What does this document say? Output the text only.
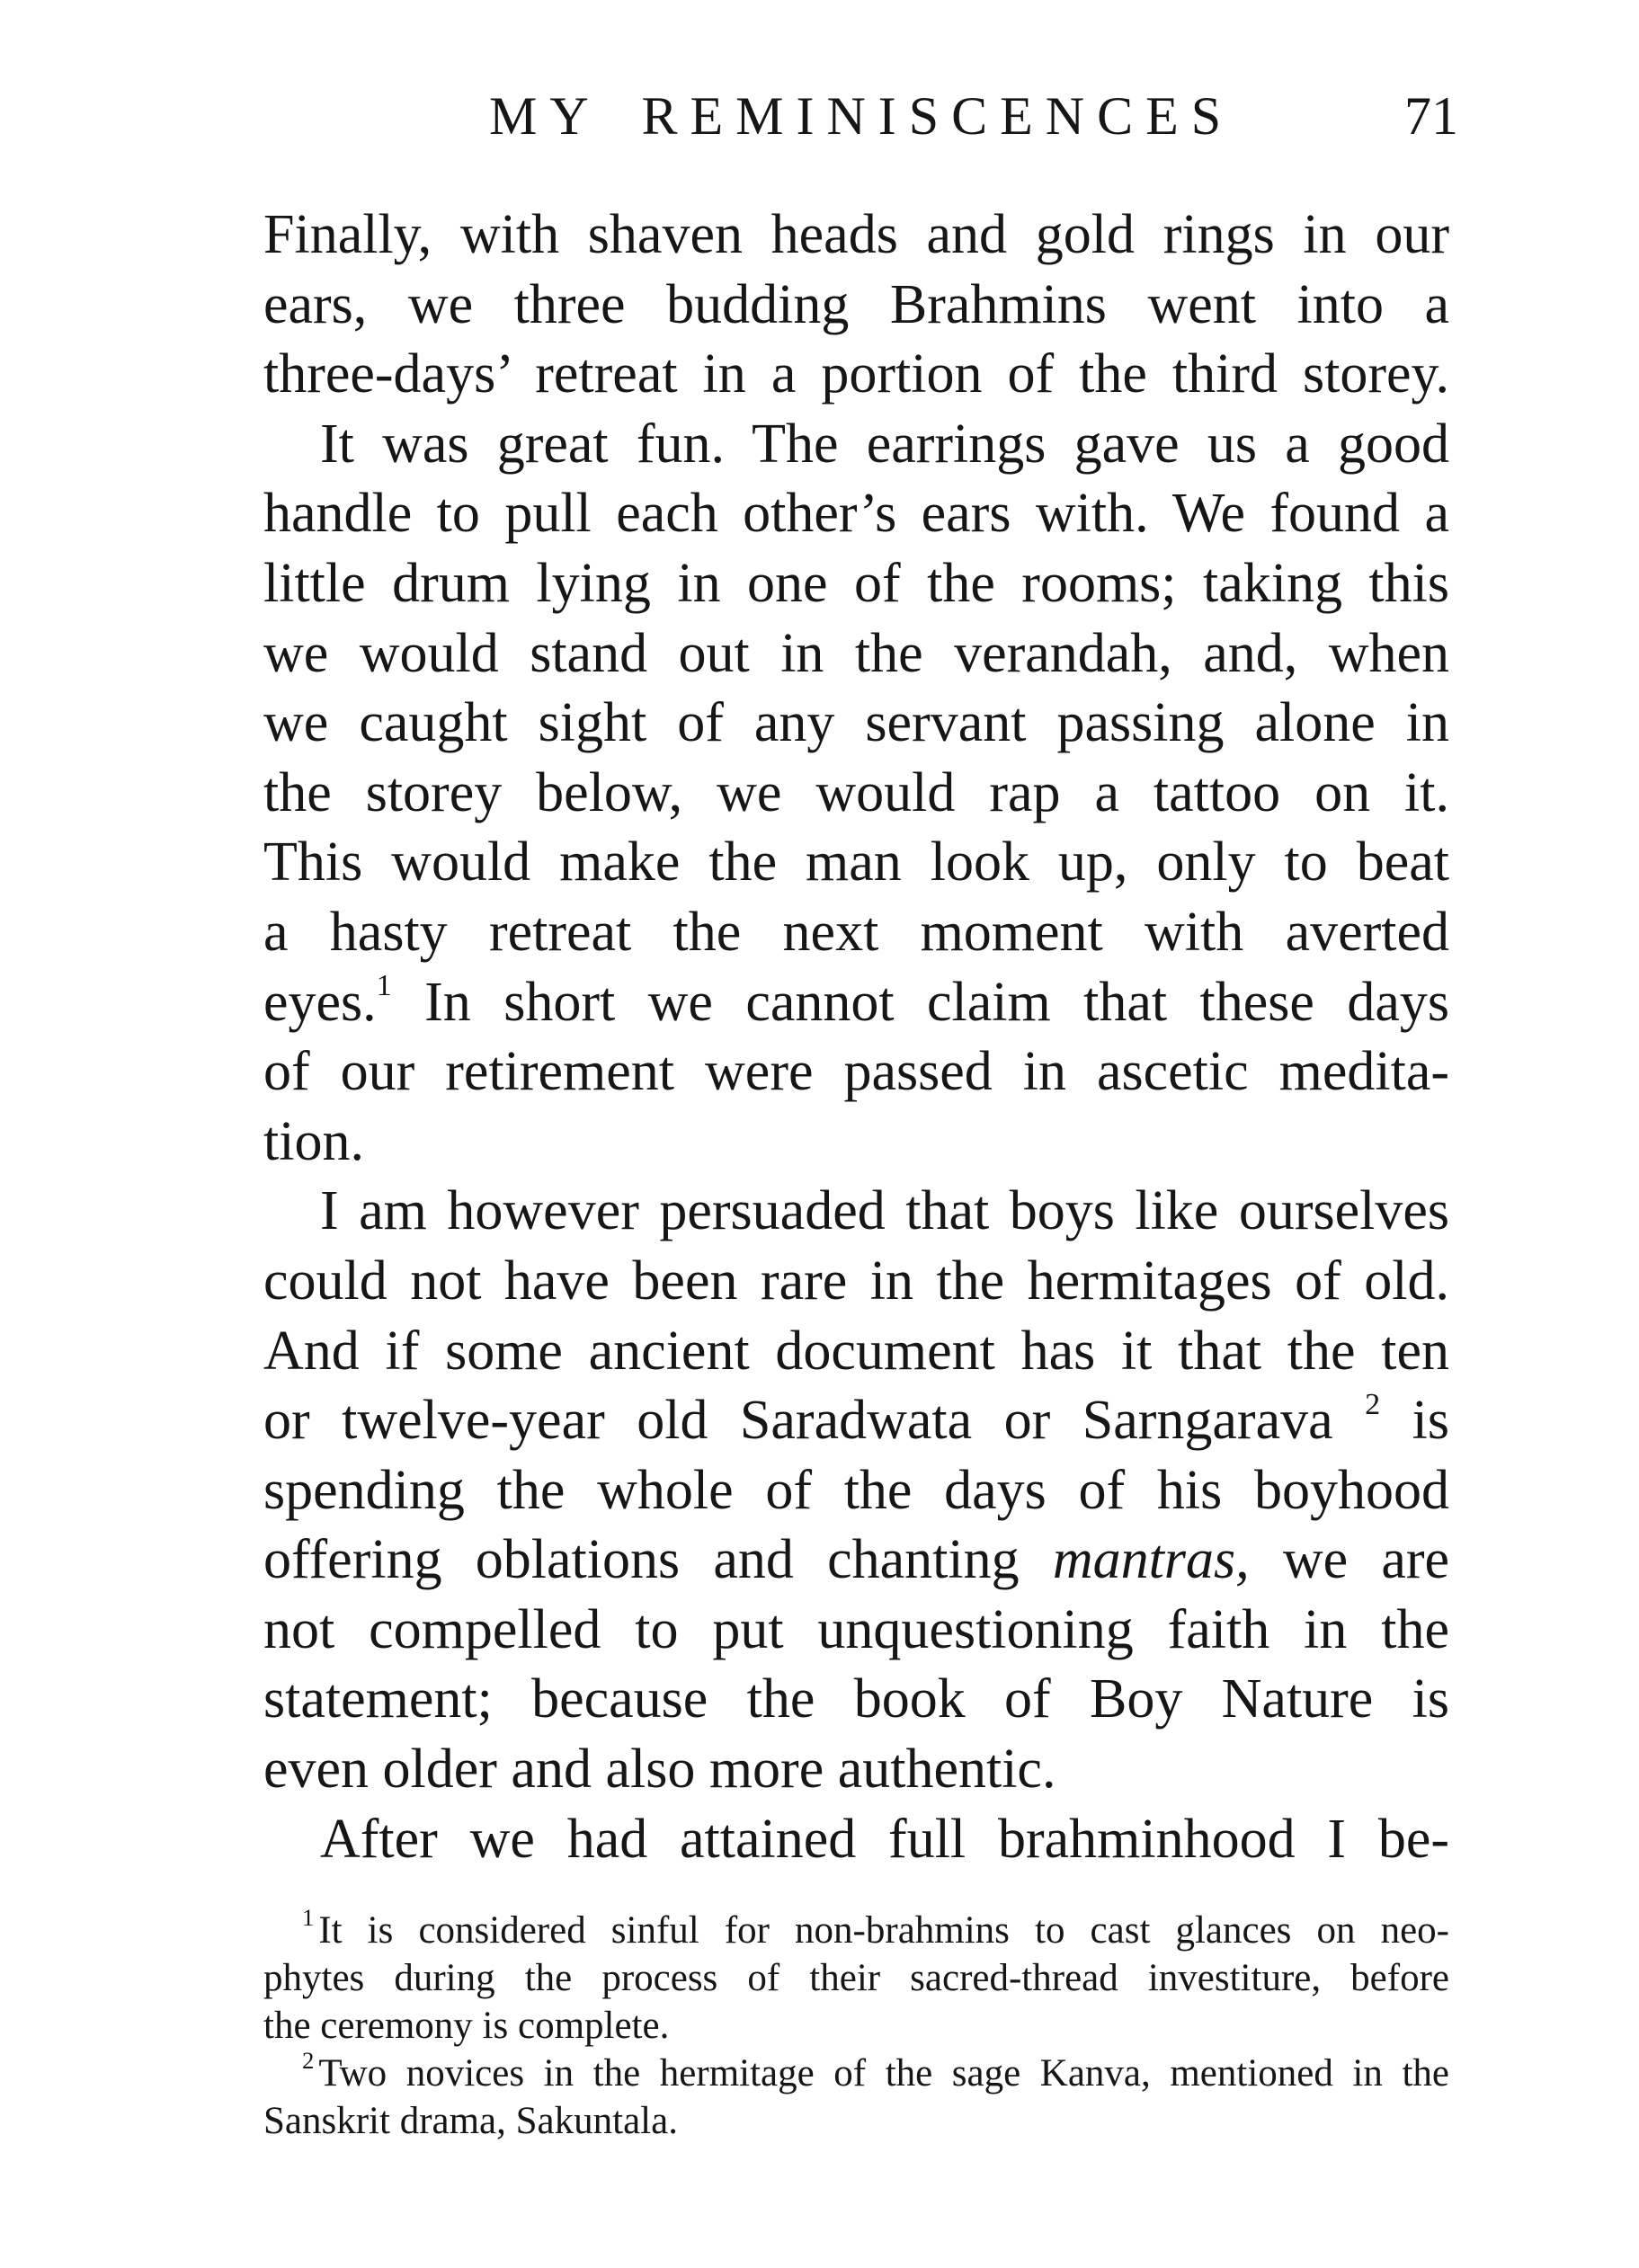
MY REMINISCENCES	71
Finally, with shaven heads and gold rings in our
ears, we three budding Brahmins went into a
three-days’ retreat in a portion of the third storey.
It was great fun. The earrings gave us a good
handle to pull each other’s ears with. We found a
little drum lying in one of the rooms; taking this
we would stand out in the verandah, and, when
we caught sight of any servant passing alone in
the storey below, we would rap a tattoo on it.
This would make the man look up, only to beat
a hasty retreat the next moment with averted
eyes.$^1$ In short we cannot claim that these days
of our retirement were passed in ascetic medita-
tion.
I am however persuaded that boys like ourselves
could not have been rare in the hermitages of old.
And if some ancient document has it that the ten
or twelve-year old Saradwata or Sarngarava $^2$ is
spending the whole of the days of his boyhood
offering oblations and chanting mantras, we are
not compelled to put unquestioning faith in the
statement; because the book of Boy Nature is
even older and also more authentic.
After we had attained full brahminhood I be-
$^1$ It is considered sinful for non-brahmins to cast glances on neo-
phytes during the process of their sacred-thread investiture, before
the ceremony is complete.
$^2$ Two novices in the hermitage of the sage Kanva, mentioned in the
Sanskrit drama, Sakuntala.
